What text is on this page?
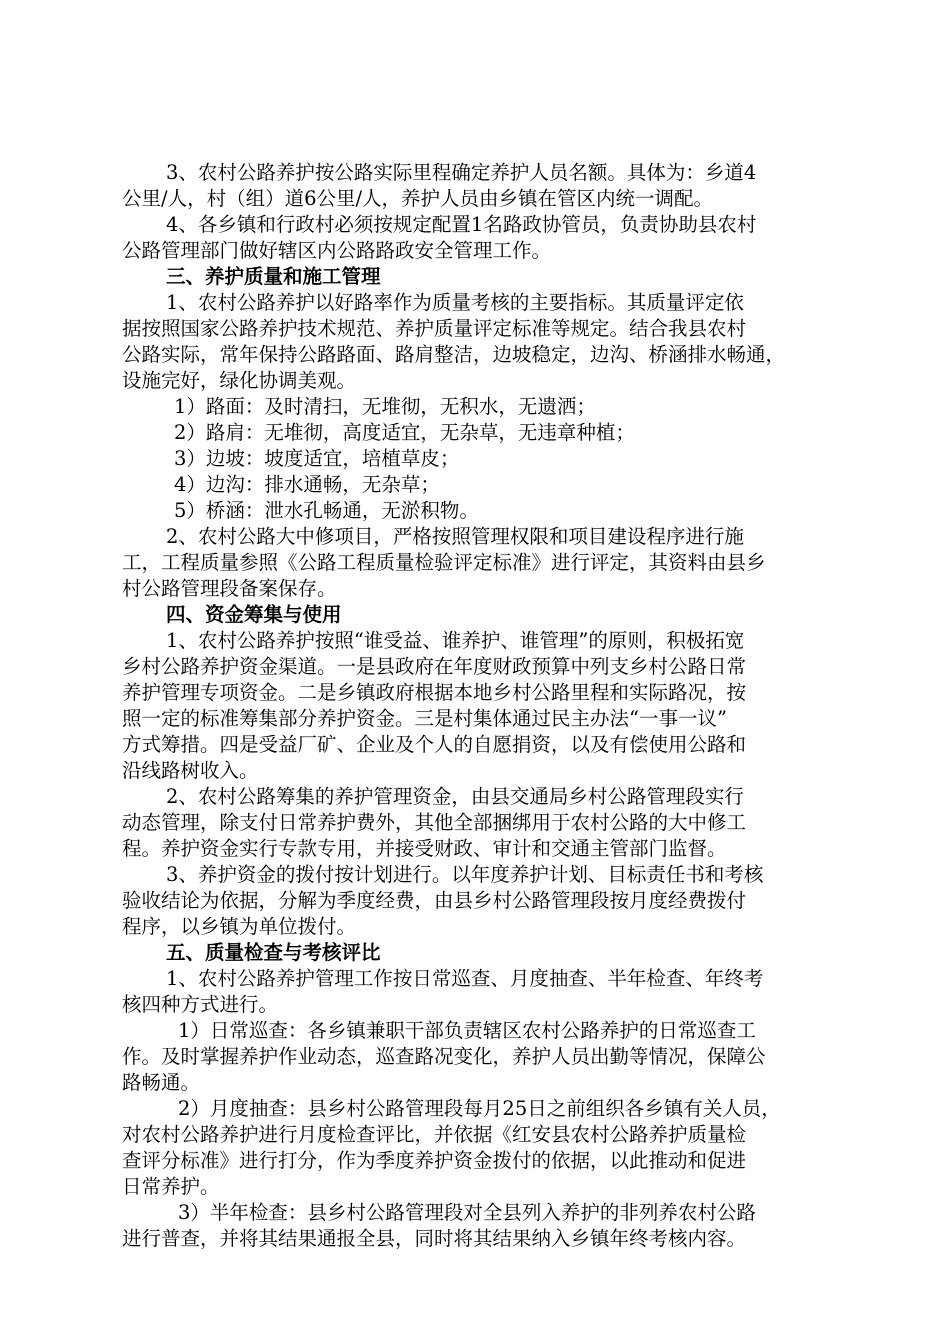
3、农村公路养护按公路实际里程确定养护人员名额。具体为：乡道4
公里/人，村（组）道6公里/人，养护人员由乡镇在管区内统一调配。
4、各乡镇和行政村必须按规定配置1名路政协管员，负责协助县农村
公路管理部门做好辖区内公路路政安全管理工作。
三、养护质量和施工管理
1、农村公路养护以好路率作为质量考核的主要指标。其质量评定依
据按照国家公路养护技术规范、养护质量评定标准等规定。结合我县农村
公路实际，常年保持公路路面、路肩整洁，边坡稳定，边沟、桥涵排水畅通，
设施完好，绿化协调美观。
1）路面：及时清扫，无堆彻，无积水，无遗洒；
2）路肩：无堆彻，高度适宜，无杂草，无违章种植；
3）边坡：坡度适宜，培植草皮；
4）边沟：排水通畅，无杂草；
5）桥涵：泄水孔畅通，无淤积物。
2、农村公路大中修项目，严格按照管理权限和项目建设程序进行施
工，工程质量参照《公路工程质量检验评定标准》进行评定，其资料由县乡
村公路管理段备案保存。
四、资金筹集与使用
1、农村公路养护按照“谁受益、谁养护、谁管理”的原则，积极拓宽
乡村公路养护资金渠道。一是县政府在年度财政预算中列支乡村公路日常
养护管理专项资金。二是乡镇政府根据本地乡村公路里程和实际路况，按
照一定的标准筹集部分养护资金。三是村集体通过民主办法“一事一议”
方式筹措。四是受益厂矿、企业及个人的自愿捐资，以及有偿使用公路和
沿线路树收入。
2、农村公路筹集的养护管理资金，由县交通局乡村公路管理段实行
动态管理，除支付日常养护费外，其他全部捆绑用于农村公路的大中修工
程。养护资金实行专款专用，并接受财政、审计和交通主管部门监督。
3、养护资金的拨付按计划进行。以年度养护计划、目标责任书和考核
验收结论为依据，分解为季度经费，由县乡村公路管理段按月度经费拨付
程序，以乡镇为单位拨付。
五、质量检查与考核评比
1、农村公路养护管理工作按日常巡查、月度抽查、半年检查、年终考
核四种方式进行。
1）日常巡查：各乡镇兼职干部负责辖区农村公路养护的日常巡查工
作。及时掌握养护作业动态，巡查路况变化，养护人员出勤等情况，保障公
路畅通。
2）月度抽查：县乡村公路管理段每月25日之前组织各乡镇有关人员，
对农村公路养护进行月度检查评比，并依据《红安县农村公路养护质量检
查评分标准》进行打分，作为季度养护资金拨付的依据，以此推动和促进
日常养护。
3）半年检查：县乡村公路管理段对全县列入养护的非列养农村公路
进行普查，并将其结果通报全县，同时将其结果纳入乡镇年终考核内容。
